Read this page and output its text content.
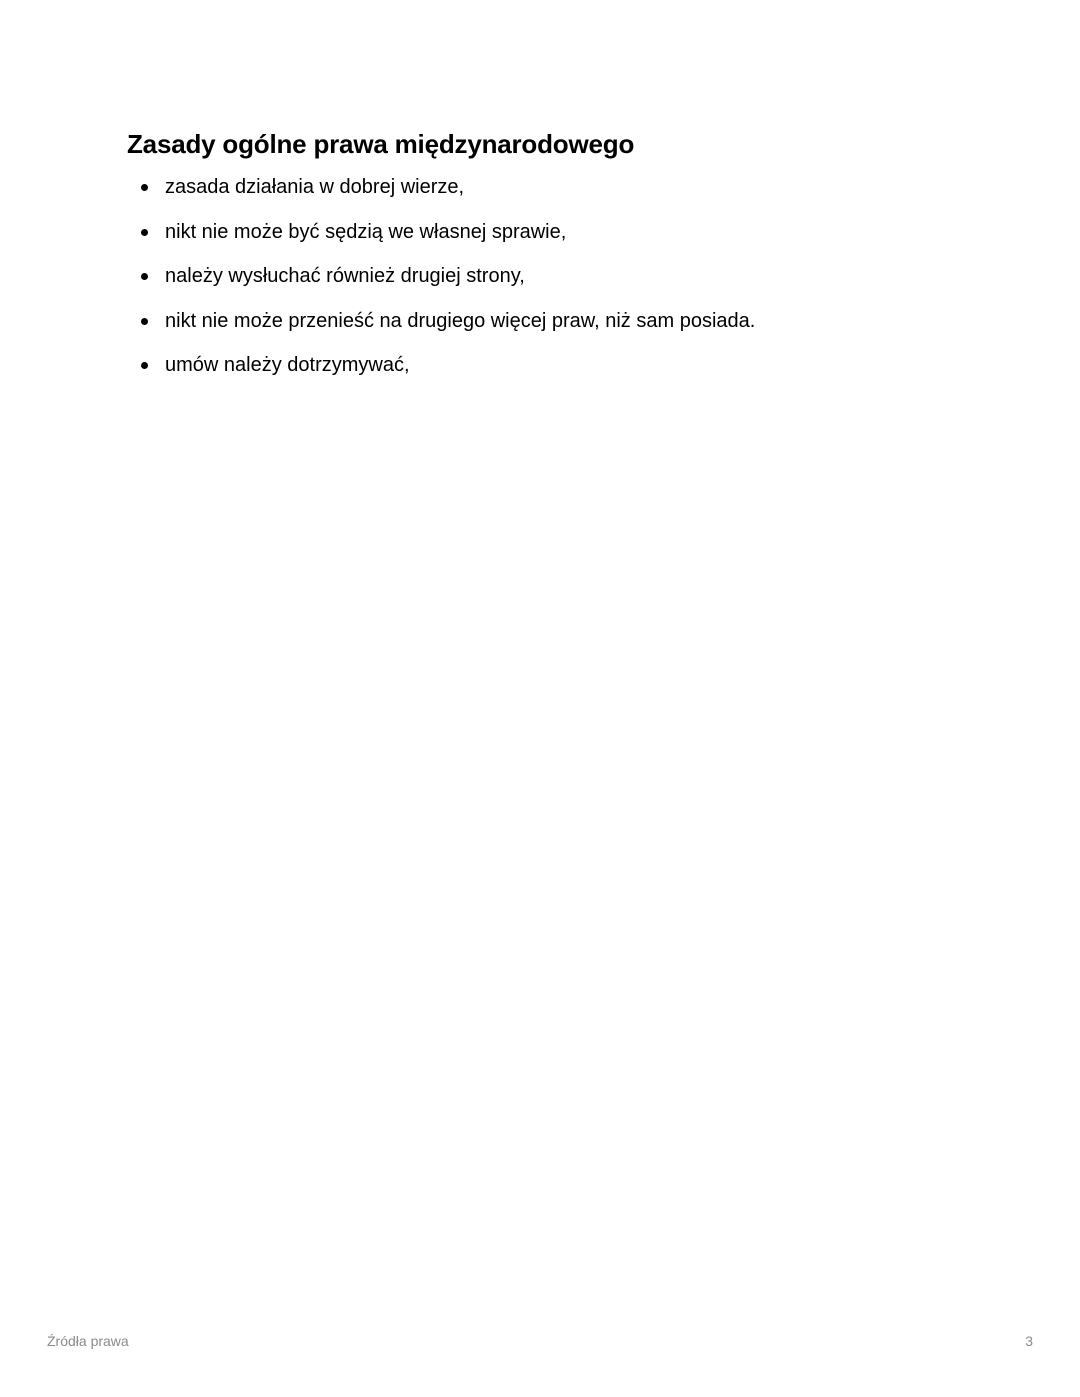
Zasady ogólne prawa międzynarodowego
zasada działania w dobrej wierze,
nikt nie może być sędzią we własnej sprawie,
należy wysłuchać również drugiej strony,
nikt nie może przenieść na drugiego więcej praw, niż sam posiada.
umów należy dotrzymywać,
Źródła prawa	3
